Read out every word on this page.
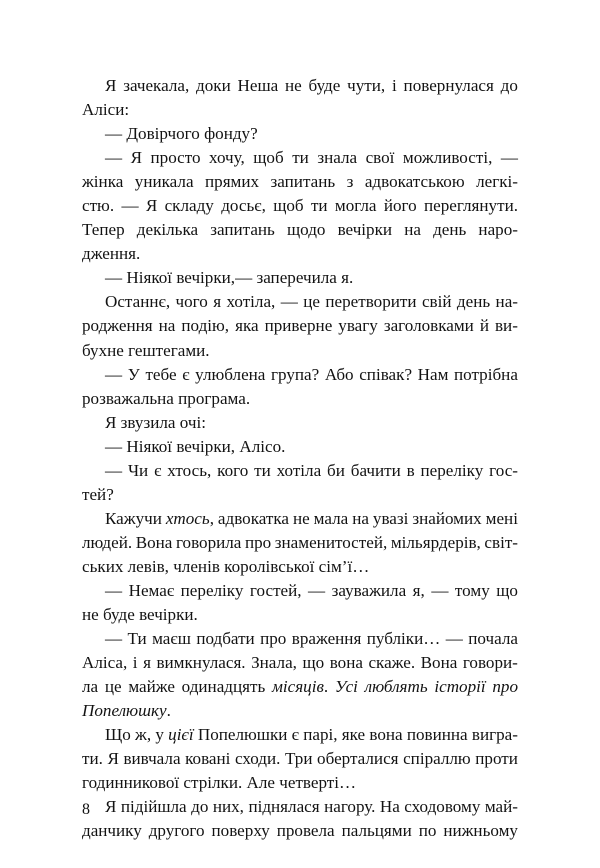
Я зачекала, доки Неша не буде чути, і повернулася до
Аліси:
— Довірчого фонду?
— Я просто хочу, щоб ти знала свої можливості, —
жінка уникала прямих запитань з адвокатською легкі-
стю. — Я складу досьє, щоб ти могла його переглянути.
Тепер декілька запитань щодо вечірки на день наро-
дження.
— Ніякої вечірки,— заперечила я.
Останнє, чого я хотіла, — це перетворити свій день на-
родження на подію, яка приверне увагу заголовками й ви-
бухне гештегами.
— У тебе є улюблена група? Або співак? Нам потрібна
розважальна програма.
Я звузила очі:
— Ніякої вечірки, Алісо.
— Чи є хтось, кого ти хотіла би бачити в переліку гос-
тей?
Кажучи хтось, адвокатка не мала на увазі знайомих мені
людей. Вона говорила про знаменитостей, мільярдерів, світ-
ських левів, членів королівської сім’ї…
— Немає переліку гостей, — зауважила я, — тому що
не буде вечірки.
— Ти маєш подбати про враження публіки… — почала
Аліса, і я вимкнулася. Знала, що вона скаже. Вона говори-
ла це майже одинадцять місяців. Усі люблять історії про
Попелюшку.
Що ж, у цієї Попелюшки є парі, яке вона повинна вигра-
ти. Я вивчала ковані сходи. Три оберталися спіраллю проти
годинникової стрілки. Але четверті…
Я підійшла до них, піднялася нагору. На сходовому май-
данчику другого поверху провела пальцями по нижньому
8
